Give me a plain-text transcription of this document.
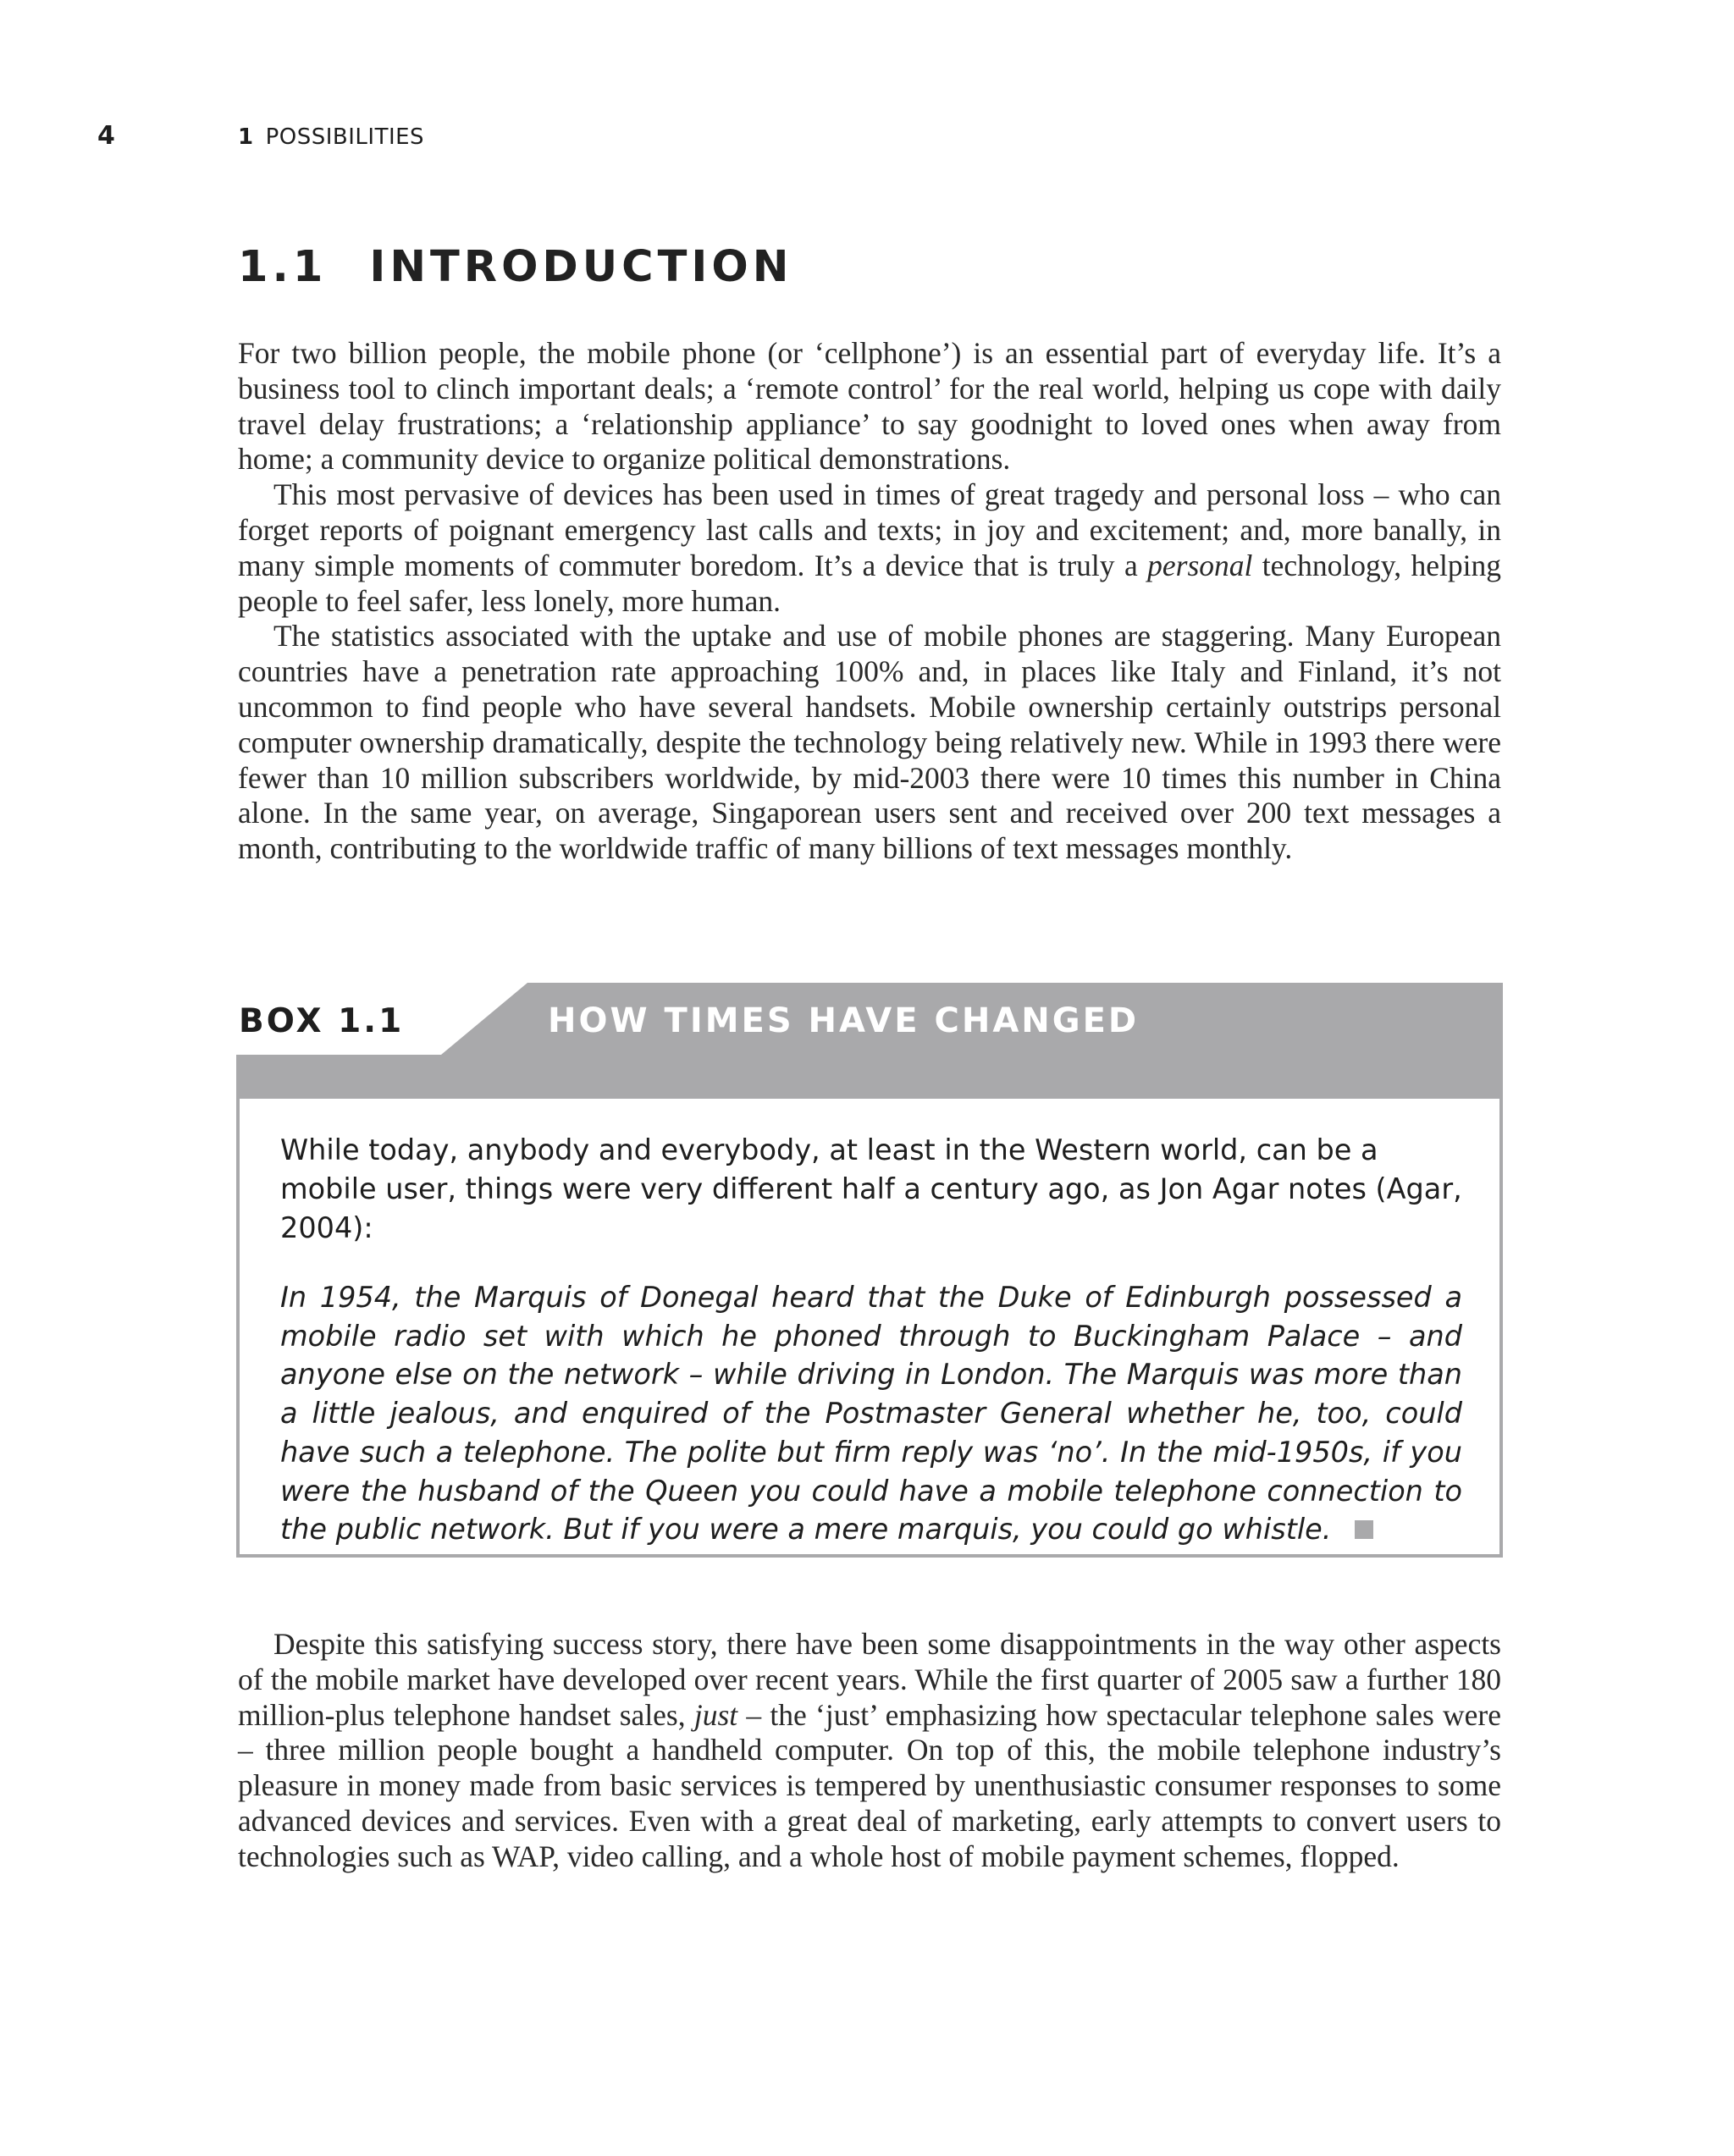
4	1 POSSIBILITIES
1.1 INTRODUCTION

For two billion people, the mobile phone (or ‘cellphone’) is an essential part of everyday life. It’s a business tool to clinch important deals; a ‘remote control’ for the real world, helping us cope with daily travel delay frustrations; a ‘relationship appliance’ to say goodnight to loved ones when away from home; a community device to organize political demonstrations.

This most pervasive of devices has been used in times of great tragedy and personal loss – who can forget reports of poignant emergency last calls and texts; in joy and excitement; and, more banally, in many simple moments of commuter boredom. It’s a device that is truly a personal technology, helping people to feel safer, less lonely, more human.

The statistics associated with the uptake and use of mobile phones are staggering. Many European countries have a penetration rate approaching 100% and, in places like Italy and Finland, it’s not uncommon to find people who have several handsets. Mobile ownership certainly outstrips personal computer ownership dramatically, despite the technology being relatively new. While in 1993 there were fewer than 10 million subscribers worldwide, by mid-2003 there were 10 times this number in China alone. In the same year, on average, Singaporean users sent and received over 200 text messages a month, contributing to the worldwide traffic of many billions of text messages monthly.

BOX 1.1	HOW TIMES HAVE CHANGED

While today, anybody and everybody, at least in the Western world, can be a mobile user, things were very different half a century ago, as Jon Agar notes (Agar, 2004):

In 1954, the Marquis of Donegal heard that the Duke of Edinburgh possessed a mobile radio set with which he phoned through to Buckingham Palace – and anyone else on the network – while driving in London. The Marquis was more than a little jealous, and enquired of the Postmaster General whether he, too, could have such a telephone. The polite but firm reply was ‘no’. In the mid-1950s, if you were the husband of the Queen you could have a mobile telephone connection to the public network. But if you were a mere marquis, you could go whistle.

Despite this satisfying success story, there have been some disappointments in the way other aspects of the mobile market have developed over recent years. While the first quarter of 2005 saw a further 180 million-plus telephone handset sales, just – the ‘just’ emphasizing how spectacular telephone sales were – three million people bought a handheld computer. On top of this, the mobile telephone industry’s pleasure in money made from basic services is tempered by unenthusiastic consumer responses to some advanced devices and services. Even with a great deal of marketing, early attempts to convert users to technologies such as WAP, video calling, and a whole host of mobile payment schemes, flopped.
